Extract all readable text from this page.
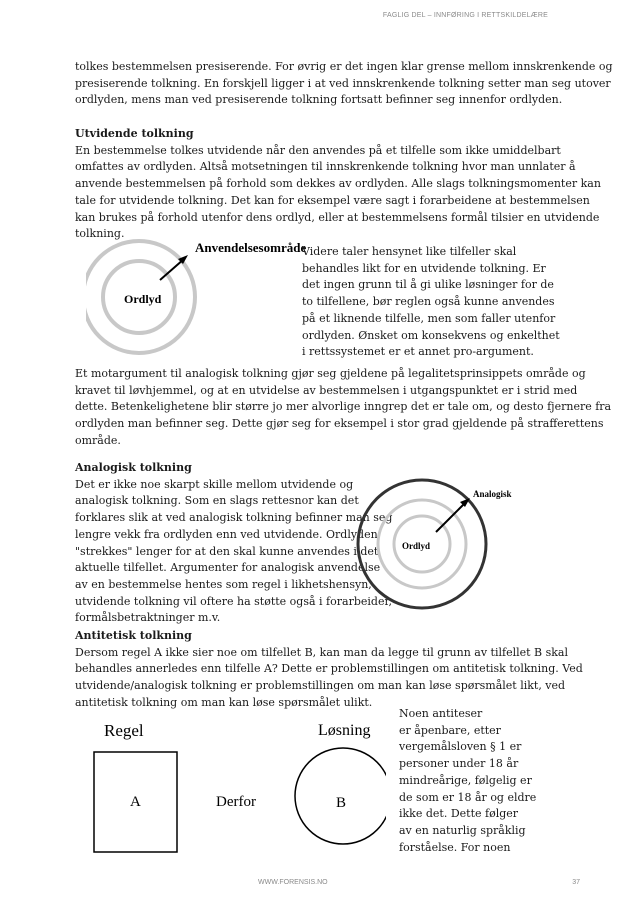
FAGLIG DEL – INNFØRING I RETTSKILDELÆRE
tolkes bestemmelsen presiserende. For øvrig er det ingen klar grense mellom innskrenkende og
presiserende tolkning. En forskjell ligger i at ved innskrenkende tolkning setter man seg utover
ordlyden, mens man ved presiserende tolkning fortsatt befinner seg innenfor ordlyden.
Utvidende tolkning
En bestemmelse tolkes utvidende når den anvendes på et tilfelle som ikke umiddelbart
omfattes av ordlyden. Altså motsetningen til innskrenkende tolkning hvor man unnlater å
anvende bestemmelsen på forhold som dekkes av ordlyden. Alle slags tolkningsmomenter kan
tale for utvidende tolkning. Det kan for eksempel være sagt i forarbeidene at bestemmelsen
kan brukes på forhold utenfor dens ordlyd, eller at bestemmelsens formål tilsier en utvidende
tolkning.
Anvendelsesområde
Ordlyd
Videre taler hensynet like tilfeller skal
behandles likt for en utvidende tolkning. Er
det ingen grunn til å gi ulike løsninger for de
to tilfellene, bør reglen også kunne anvendes
på et liknende tilfelle, men som faller utenfor
ordlyden. Ønsket om konsekvens og enkelthet
i rettssystemet er et annet pro-argument.
Et motargument til analogisk tolkning gjør seg gjeldene på legalitetsprinsippets område og
kravet til løvhjemmel, og at en utvidelse av bestemmelsen i utgangspunktet er i strid med
dette. Betenkelighetene blir større jo mer alvorlige inngrep det er tale om, og desto fjernere fra
ordlyden man befinner seg. Dette gjør seg for eksempel i stor grad gjeldende på strafferettens
område.
Analogisk tolkning
Det er ikke noe skarpt skille mellom utvidende og
analogisk tolkning. Som en slags rettesnor kan det
forklares slik at ved analogisk tolkning befinner man seg
lengre vekk fra ordlyden enn ved utvidende. Ordlyden
"strekkes" lenger for at den skal kunne anvendes i det
aktuelle tilfellet. Argumenter for analogisk anvendelse
av en bestemmelse hentes som regel i likhetshensyn,
utvidende tolkning vil oftere ha støtte også i forarbeider,
formålsbetraktninger m.v.
Analogisk
Ordlyd
Antitetisk tolkning
Dersom regel A ikke sier noe om tilfellet B, kan man da legge til grunn av tilfellet B skal
behandles annerledes enn tilfelle A? Dette er problemstillingen om antitetisk tolkning. Ved
utvidende/analogisk tolkning er problemstillingen om man kan løse spørsmålet likt, ved
antitetisk tolkning om man kan løse spørsmålet ulikt.
Regel
A	Derfor
Løsning
B
Noen antiteser
er åpenbare, etter
vergemålsloven § 1 er
personer under 18 år
mindreårige, følgelig er
de som er 18 år og eldre
ikke det. Dette følger
av en naturlig språklig
forståelse. For noen
WWW.FORENSIS.NO	37
